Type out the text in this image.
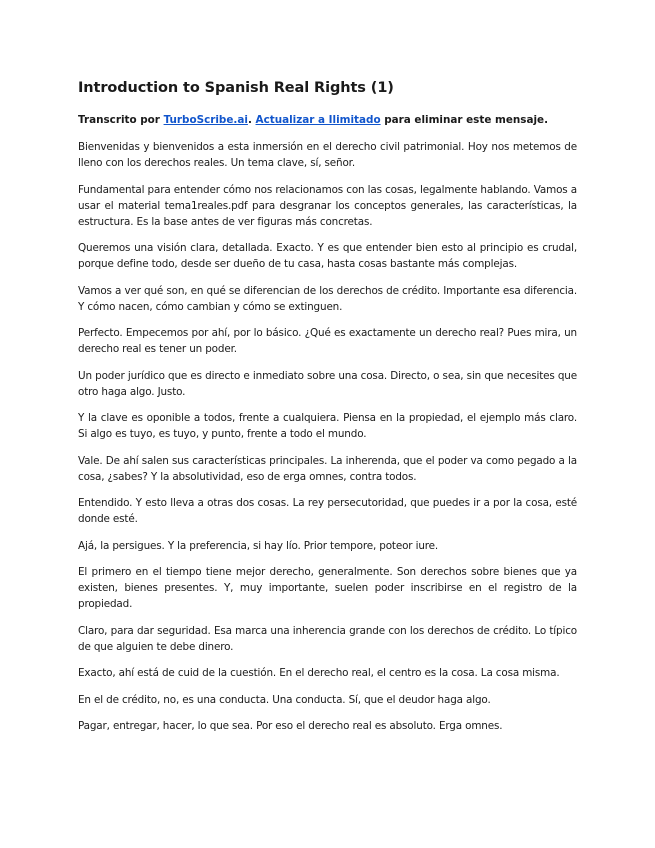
Introduction to Spanish Real Rights (1)
Transcrito por TurboScribe.ai. Actualizar a Ilimitado para eliminar este mensaje.

Bienvenidas y bienvenidos a esta inmersión en el derecho civil patrimonial. Hoy nos metemos de lleno con los derechos reales. Un tema clave, sí, señor.

Fundamental para entender cómo nos relacionamos con las cosas, legalmente hablando. Vamos a usar el material tema1reales.pdf para desgranar los conceptos generales, las características, la estructura. Es la base antes de ver figuras más concretas.

Queremos una visión clara, detallada. Exacto. Y es que entender bien esto al principio es crudal, porque define todo, desde ser dueño de tu casa, hasta cosas bastante más complejas.

Vamos a ver qué son, en qué se diferencian de los derechos de crédito. Importante esa diferencia. Y cómo nacen, cómo cambian y cómo se extinguen.

Perfecto. Empecemos por ahí, por lo básico. ¿Qué es exactamente un derecho real? Pues mira, un derecho real es tener un poder.

Un poder jurídico que es directo e inmediato sobre una cosa. Directo, o sea, sin que necesites que otro haga algo. Justo.

Y la clave es oponible a todos, frente a cualquiera. Piensa en la propiedad, el ejemplo más claro. Si algo es tuyo, es tuyo, y punto, frente a todo el mundo.

Vale. De ahí salen sus características principales. La inherenda, que el poder va como pegado a la cosa, ¿sabes? Y la absolutividad, eso de erga omnes, contra todos.

Entendido. Y esto lleva a otras dos cosas. La rey persecutoridad, que puedes ir a por la cosa, esté donde esté.

Ajá, la persigues. Y la preferencia, si hay lío. Prior tempore, poteor iure.

El primero en el tiempo tiene mejor derecho, generalmente. Son derechos sobre bienes que ya existen, bienes presentes. Y, muy importante, suelen poder inscribirse en el registro de la propiedad.

Claro, para dar seguridad. Esa marca una inherencia grande con los derechos de crédito. Lo típico de que alguien te debe dinero.

Exacto, ahí está de cuid de la cuestión. En el derecho real, el centro es la cosa. La cosa misma.

En el de crédito, no, es una conducta. Una conducta. Sí, que el deudor haga algo.

Pagar, entregar, hacer, lo que sea. Por eso el derecho real es absoluto. Erga omnes.
